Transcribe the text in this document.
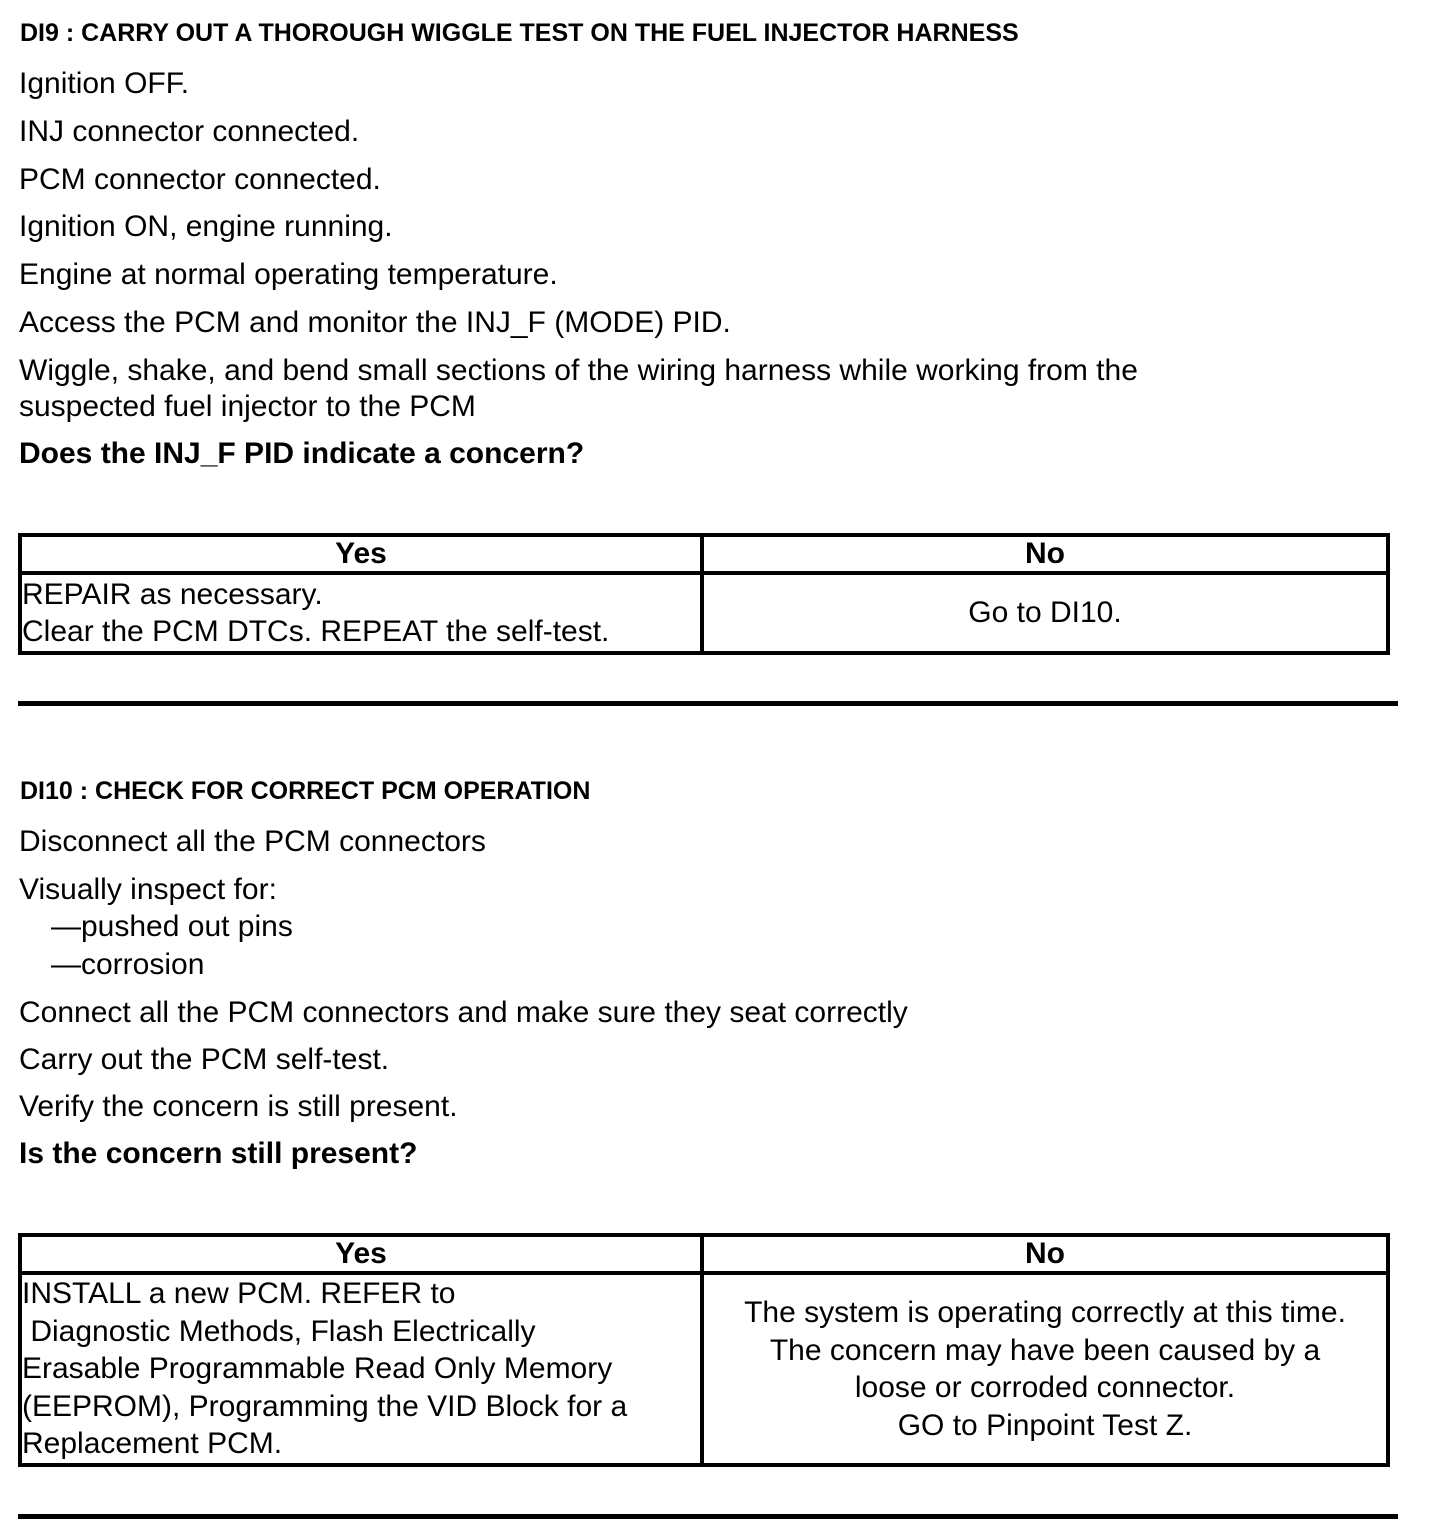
DI9 : CARRY OUT A THOROUGH WIGGLE TEST ON THE FUEL INJECTOR HARNESS
Ignition OFF.
INJ connector connected.
PCM connector connected.
Ignition ON, engine running.
Engine at normal operating temperature.
Access the PCM and monitor the INJ_F (MODE) PID.
Wiggle, shake, and bend small sections of the wiring harness while working from the
suspected fuel injector to the PCM
Does the INJ_F PID indicate a concern?
Yes	No

REPAIR as necessary.
Clear the PCM DTCs. REPEAT the self-test.	Go to DI10.
DI10 : CHECK FOR CORRECT PCM OPERATION
Disconnect all the PCM connectors
Visually inspect for:
—pushed out pins
—corrosion
Connect all the PCM connectors and make sure they seat correctly
Carry out the PCM self-test.
Verify the concern is still present.
Is the concern still present?
Yes	No

INSTALL a new PCM. REFER to
Diagnostic Methods, Flash Electrically
Erasable Programmable Read Only Memory
(EEPROM), Programming the VID Block for a
Replacement PCM.	The system is operating correctly at this time.
The concern may have been caused by a
loose or corroded connector.
GO to Pinpoint Test Z.
